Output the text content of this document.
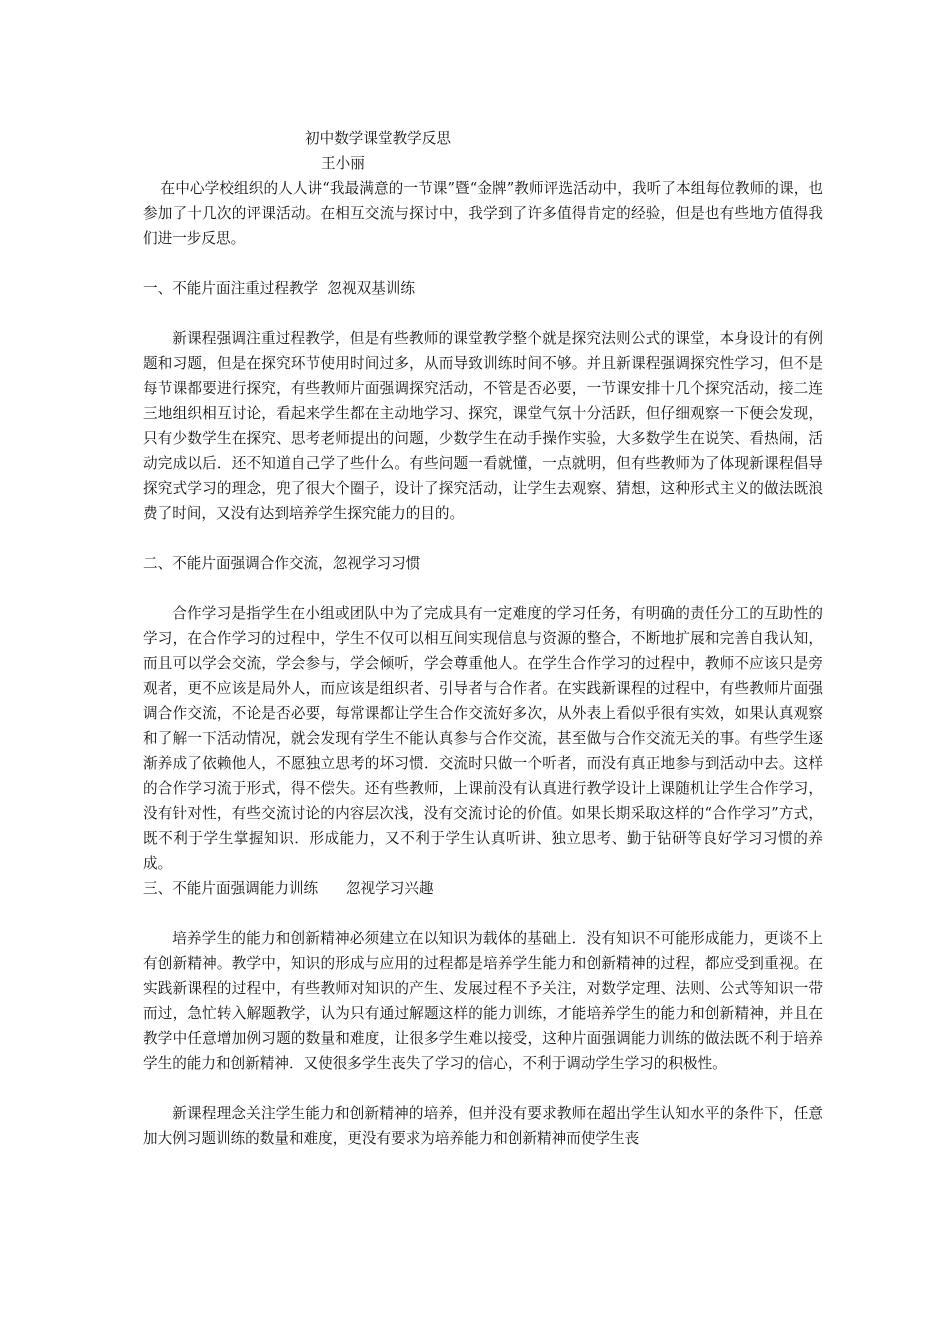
初中数学课堂教学反思

王小丽

在中心学校组织的人人讲“我最满意的一节课”暨“金牌”教师评选活动中，我听了本组每位教师的课，也参加了十几次的评课活动。在相互交流与探讨中，我学到了许多值得肯定的经验，但是也有些地方值得我们进一步反思。

一、不能片面注重过程教学  忽视双基训练

新课程强调注重过程教学，但是有些教师的课堂教学整个就是探究法则公式的课堂，本身设计的有例题和习题，但是在探究环节使用时间过多，从而导致训练时间不够。并且新课程强调探究性学习，但不是每节课都要进行探究，有些教师片面强调探究活动，不管是否必要，一节课安排十几个探究活动，接二连三地组织相互讨论，看起来学生都在主动地学习、探究，课堂气氛十分活跃，但仔细观察一下便会发现，只有少数学生在探究、思考老师提出的问题，少数学生在动手操作实验，大多数学生在说笑、看热闹，活动完成以后．还不知道自己学了些什么。有些问题一看就懂，一点就明，但有些教师为了体现新课程倡导探究式学习的理念，兜了很大个圈子，设计了探究活动，让学生去观察、猜想，这种形式主义的做法既浪费了时间，又没有达到培养学生探究能力的目的。

二、不能片面强调合作交流，忽视学习习惯

合作学习是指学生在小组或团队中为了完成具有一定难度的学习任务，有明确的责任分工的互助性的学习，在合作学习的过程中，学生不仅可以相互间实现信息与资源的整合，不断地扩展和完善自我认知，而且可以学会交流，学会参与，学会倾听，学会尊重他人。在学生合作学习的过程中，教师不应该只是旁观者，更不应该是局外人，而应该是组织者、引导者与合作者。在实践新课程的过程中，有些教师片面强调合作交流，不论是否必要，每常课都让学生合作交流好多次，从外表上看似乎很有实效，如果认真观察和了解一下活动情况，就会发现有学生不能认真参与合作交流，甚至做与合作交流无关的事。有些学生逐渐养成了依赖他人，不愿独立思考的坏习惯．交流时只做一个听者，而没有真正地参与到活动中去。这样的合作学习流于形式，得不偿失。还有些教师，上课前没有认真进行教学设计上课随机让学生合作学习，没有针对性，有些交流讨论的内容层次浅，没有交流讨论的价值。如果长期采取这样的“合作学习”方式，既不利于学生掌握知识．形成能力，又不利于学生认真听讲、独立思考、勤于钻研等良好学习习惯的养成。

三、不能片面强调能力训练      忽视学习兴趣

培养学生的能力和创新精神必须建立在以知识为载体的基础上．没有知识不可能形成能力，更谈不上有创新精神。教学中，知识的形成与应用的过程都是培养学生能力和创新精神的过程，都应受到重视。在实践新课程的过程中，有些教师对知识的产生、发展过程不予关注，对数学定理、法则、公式等知识一带而过，急忙转入解题教学，认为只有通过解题这样的能力训练，才能培养学生的能力和创新精神，并且在教学中任意增加例习题的数量和难度，让很多学生难以接受，这种片面强调能力训练的做法既不利于培养学生的能力和创新精神．又使很多学生丧失了学习的信心，不利于调动学生学习的积极性。

新课程理念关注学生能力和创新精神的培养，但并没有要求教师在超出学生认知水平的条件下，任意加大例习题训练的数量和难度，更没有要求为培养能力和创新精神而使学生丧
